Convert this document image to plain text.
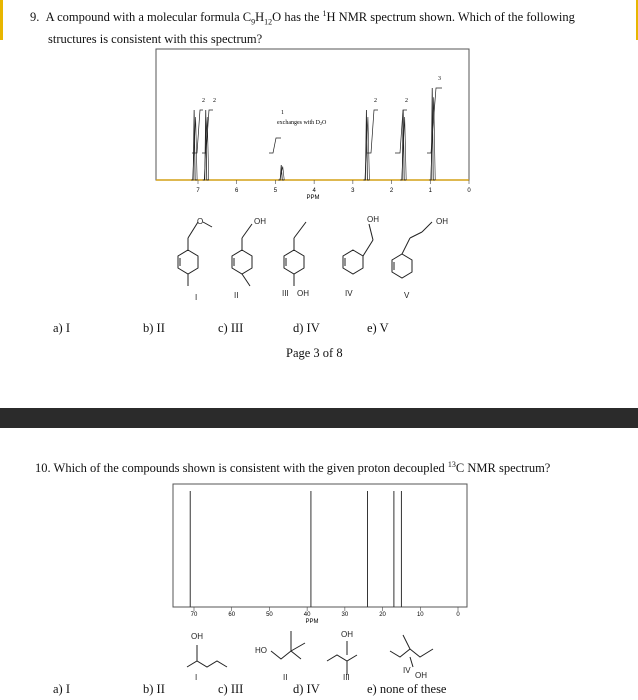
9. A compound with a molecular formula $C_9H_{12}O$ has the $^1$H NMR spectrum shown. Which of the following
structures is consistent with this spectrum?
7	6	5	4	3	2	1	0
PPM
exchanges with D2O
1
2 2	2	2
3
O
I
OH
II	III OH
OH
IV
OH
V
a) I	b) II	c) III	d) IV	e) V
Page 3 of 8
10. Which of the compounds shown is consistent with the given proton decoupled $^{13}$C NMR spectrum?
70	60	50	40	30	20	10	0
PPM
OH
I
HO
II
OH
III
IV
OH
a) I	b) II	c) III	d) IV	e) none of these
